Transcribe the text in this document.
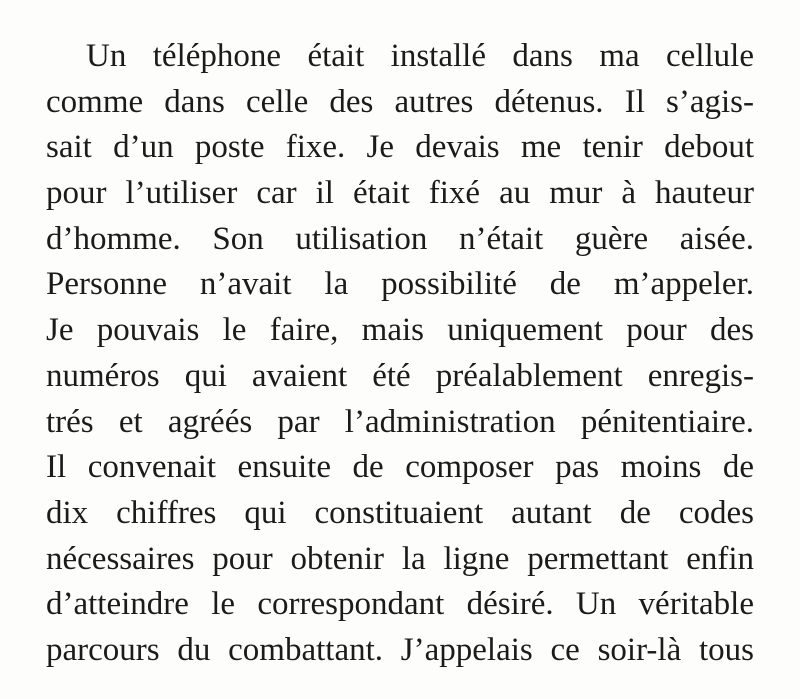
Un téléphone était installé dans ma cellule
comme dans celle des autres détenus. Il s’agis-
sait d’un poste fixe. Je devais me tenir debout
pour l’utiliser car il était fixé au mur à hauteur
d’homme. Son utilisation n’était guère aisée.
Personne n’avait la possibilité de m’appeler.
Je pouvais le faire, mais uniquement pour des
numéros qui avaient été préalablement enregis-
trés et agréés par l’administration pénitentiaire.
Il convenait ensuite de composer pas moins de
dix chiffres qui constituaient autant de codes
nécessaires pour obtenir la ligne permettant enfin
d’atteindre le correspondant désiré. Un véritable
parcours du combattant. J’appelais ce soir-là tous
